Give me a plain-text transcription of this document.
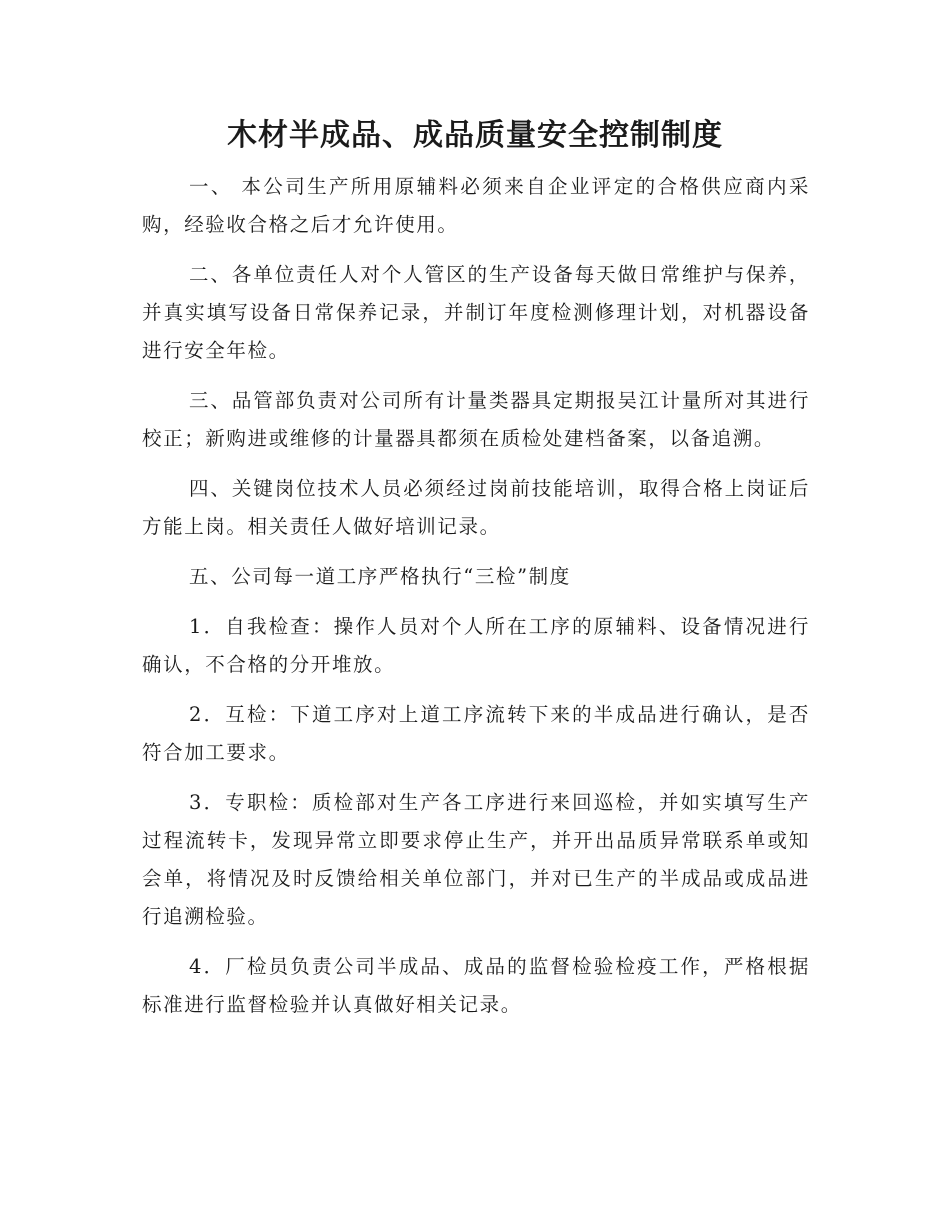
木材半成品、成品质量安全控制制度

一、 本公司生产所用原辅料必须来自企业评定的合格供应商内采购，经验收合格之后才允许使用。

二、各单位责任人对个人管区的生产设备每天做日常维护与保养，并真实填写设备日常保养记录，并制订年度检测修理计划，对机器设备进行安全年检。

三、品管部负责对公司所有计量类器具定期报吴江计量所对其进行校正；新购进或维修的计量器具都须在质检处建档备案，以备追溯。

四、关键岗位技术人员必须经过岗前技能培训，取得合格上岗证后方能上岗。相关责任人做好培训记录。

五、公司每一道工序严格执行“三检”制度

1．自我检查：操作人员对个人所在工序的原辅料、设备情况进行确认，不合格的分开堆放。

2．互检：下道工序对上道工序流转下来的半成品进行确认，是否符合加工要求。

3．专职检：质检部对生产各工序进行来回巡检，并如实填写生产过程流转卡，发现异常立即要求停止生产，并开出品质异常联系单或知会单，将情况及时反馈给相关单位部门，并对已生产的半成品或成品进行追溯检验。

4．厂检员负责公司半成品、成品的监督检验检疫工作，严格根据标准进行监督检验并认真做好相关记录。
